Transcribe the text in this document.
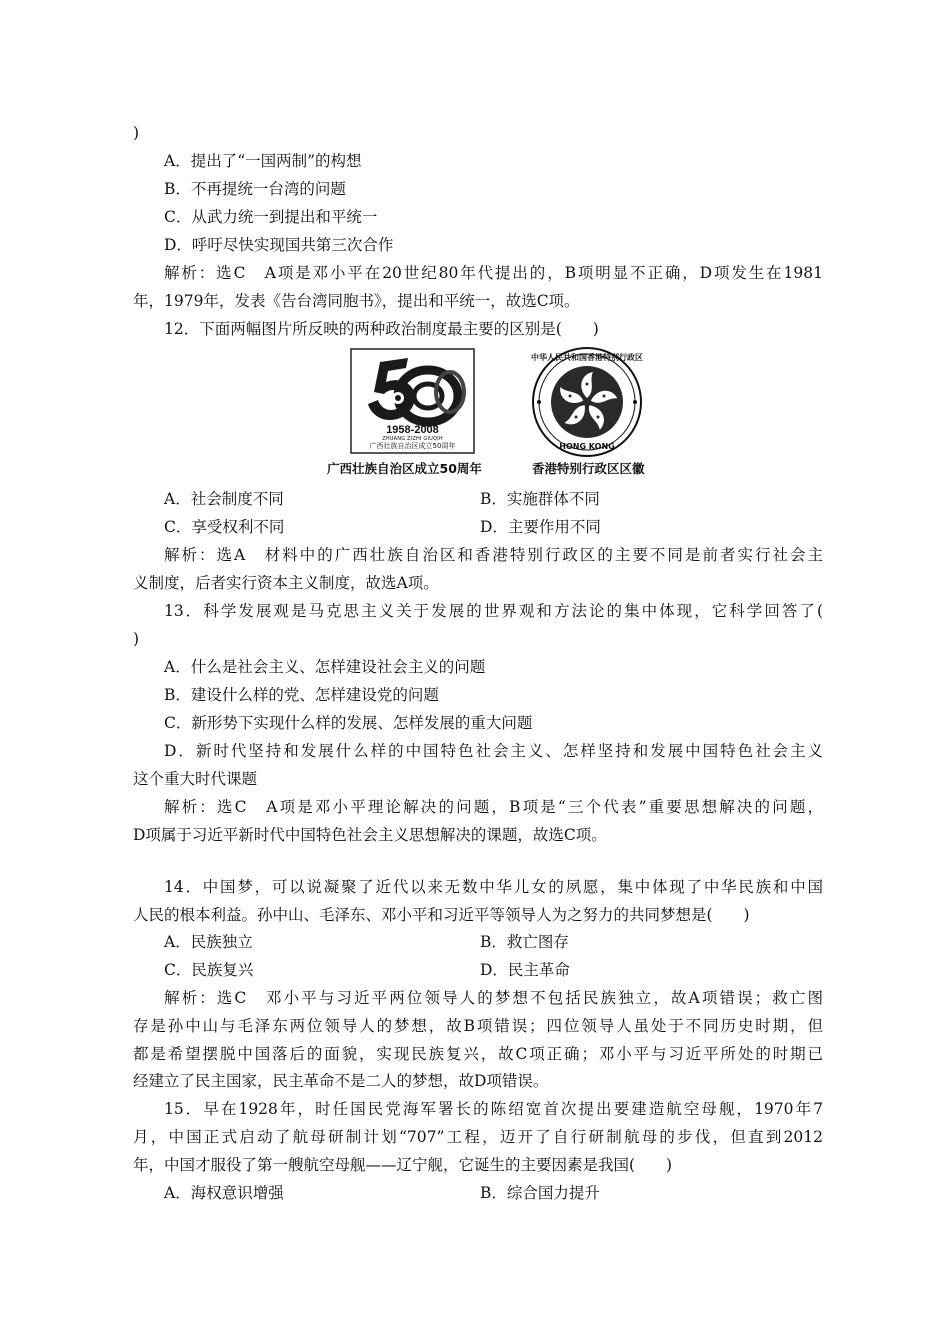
)
A．提出了“一国两制”的构想
B．不再提统一台湾的问题
C．从武力统一到提出和平统一
D．呼吁尽快实现国共第三次合作
解析：选C　A项是邓小平在20世纪80年代提出的，B项明显不正确，D项发生在1981
年，1979年，发表《告台湾同胞书》，提出和平统一，故选C项。
12．下面两幅图片所反映的两种政治制度最主要的区别是(　　)
1958-2008
ZHUANG ZIZHI GIUQIH
广西壮族自治区成立50周年
中华人民共和国香港特别行政区
HONG KONG
广西壮族自治区成立50周年	香港特别行政区区徽
A．社会制度不同	B．实施群体不同
C．享受权利不同	D．主要作用不同
解析：选A　材料中的广西壮族自治区和香港特别行政区的主要不同是前者实行社会主
义制度，后者实行资本主义制度，故选A项。
13．科学发展观是马克思主义关于发展的世界观和方法论的集中体现，它科学回答了(
)
A．什么是社会主义、怎样建设社会主义的问题
B．建设什么样的党、怎样建设党的问题
C．新形势下实现什么样的发展、怎样发展的重大问题
D．新时代坚持和发展什么样的中国特色社会主义、怎样坚持和发展中国特色社会主义
这个重大时代课题
解析：选C　A项是邓小平理论解决的问题，B项是“三个代表”重要思想解决的问题，
D项属于习近平新时代中国特色社会主义思想解决的课题，故选C项。
14．中国梦，可以说凝聚了近代以来无数中华儿女的夙愿，集中体现了中华民族和中国
人民的根本利益。孙中山、毛泽东、邓小平和习近平等领导人为之努力的共同梦想是(　　)
A．民族独立	B．救亡图存
C．民族复兴	D．民主革命
解析：选C　邓小平与习近平两位领导人的梦想不包括民族独立，故A项错误；救亡图
存是孙中山与毛泽东两位领导人的梦想，故B项错误；四位领导人虽处于不同历史时期，但
都是希望摆脱中国落后的面貌，实现民族复兴，故C项正确；邓小平与习近平所处的时期已
经建立了民主国家，民主革命不是二人的梦想，故D项错误。
15．早在1928年，时任国民党海军署长的陈绍宽首次提出要建造航空母舰，1970年7
月，中国正式启动了航母研制计划“707”工程，迈开了自行研制航母的步伐，但直到2012
年，中国才服役了第一艘航空母舰——辽宁舰，它诞生的主要因素是我国(　　)
A．海权意识增强	B．综合国力提升
